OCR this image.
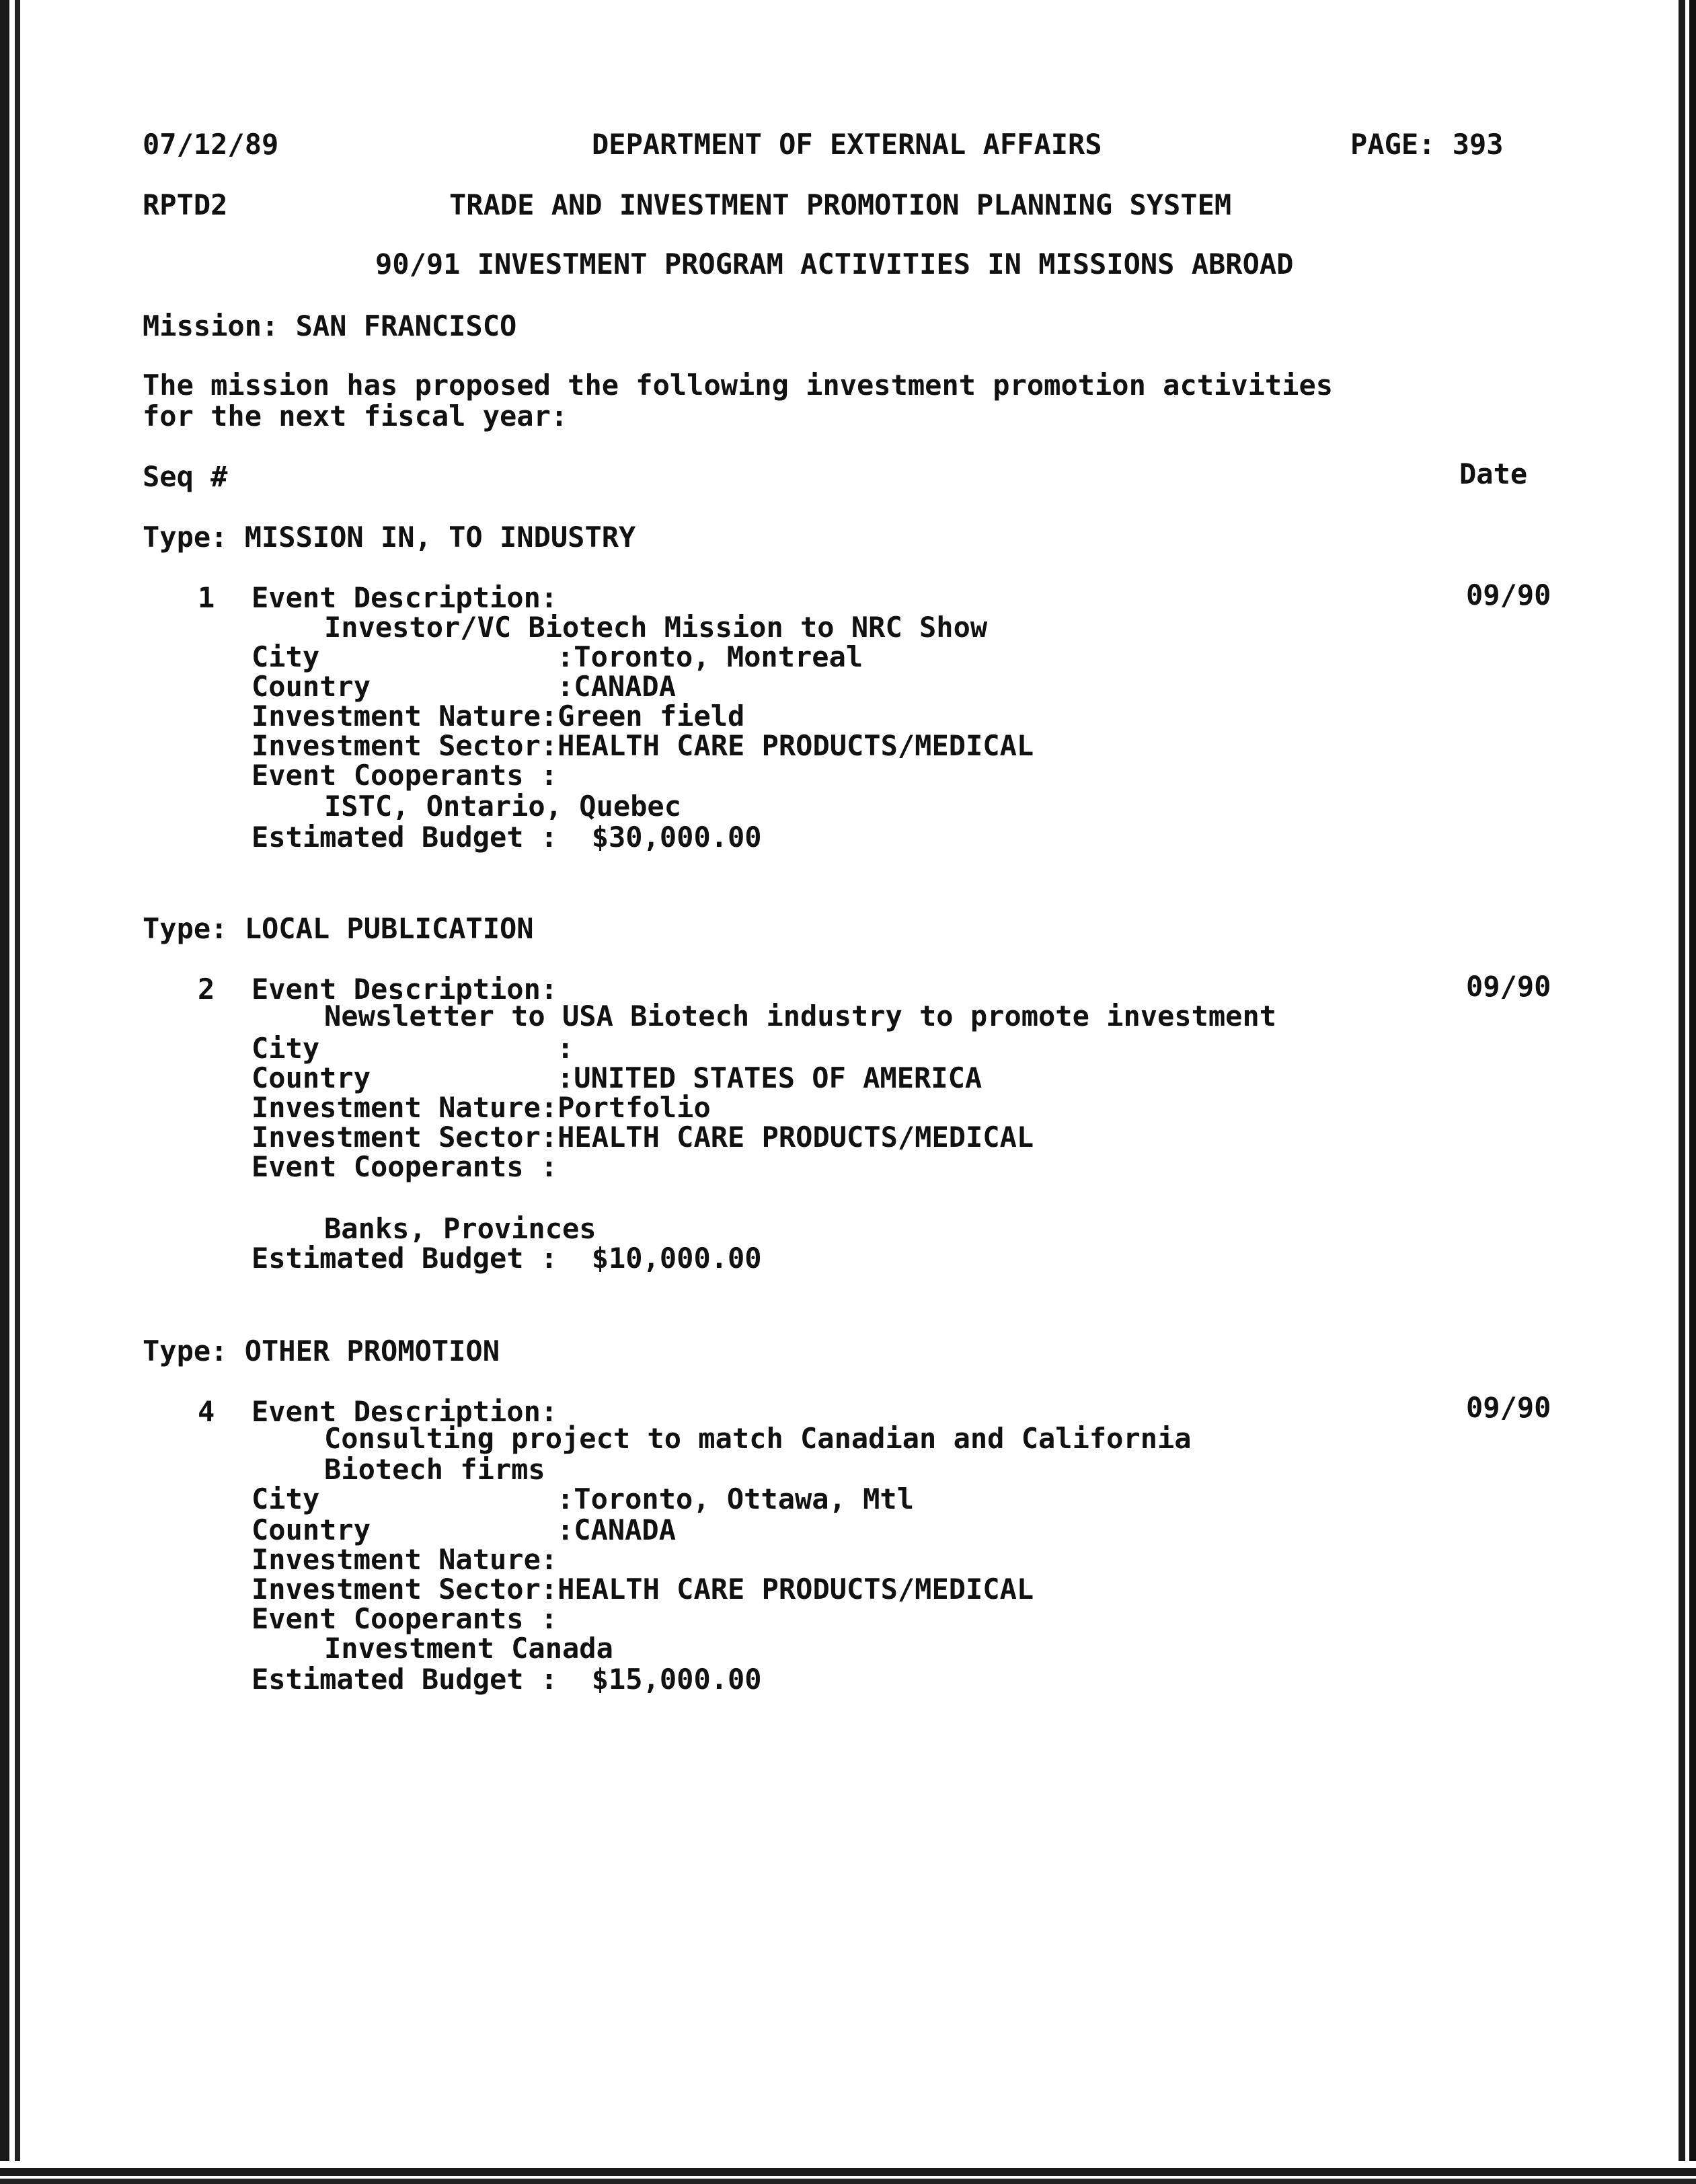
07/12/89	DEPARTMENT OF EXTERNAL AFFAIRS	PAGE: 393
RPTD2	TRADE AND INVESTMENT PROMOTION PLANNING SYSTEM
90/91 INVESTMENT PROGRAM ACTIVITIES IN MISSIONS ABROAD
Mission: SAN FRANCISCO
The mission has proposed the following investment promotion activities
for the next fiscal year:
Seq #	Date
Type: MISSION IN, TO INDUSTRY
1 Event Description:	09/90
Investor/VC Biotech Mission to NRC Show
City	:Toronto, Montreal
Country	:CANADA
Investment Nature:Green field
Investment Sector:HEALTH CARE PRODUCTS/MEDICAL
Event Cooperants :
ISTC, Ontario, Quebec
Estimated Budget :  $30,000.00
Type: LOCAL PUBLICATION
2 Event Description:	09/90
Newsletter to USA Biotech industry to promote investment
City	:
Country	:UNITED STATES OF AMERICA
Investment Nature:Portfolio
Investment Sector:HEALTH CARE PRODUCTS/MEDICAL
Event Cooperants :
Banks, Provinces
Estimated Budget :  $10,000.00
Type: OTHER PROMOTION
4 Event Description:	09/90
Consulting project to match Canadian and California
Biotech firms
City	:Toronto, Ottawa, Mtl
Country	:CANADA
Investment Nature:
Investment Sector:HEALTH CARE PRODUCTS/MEDICAL
Event Cooperants :
Investment Canada
Estimated Budget :  $15,000.00
